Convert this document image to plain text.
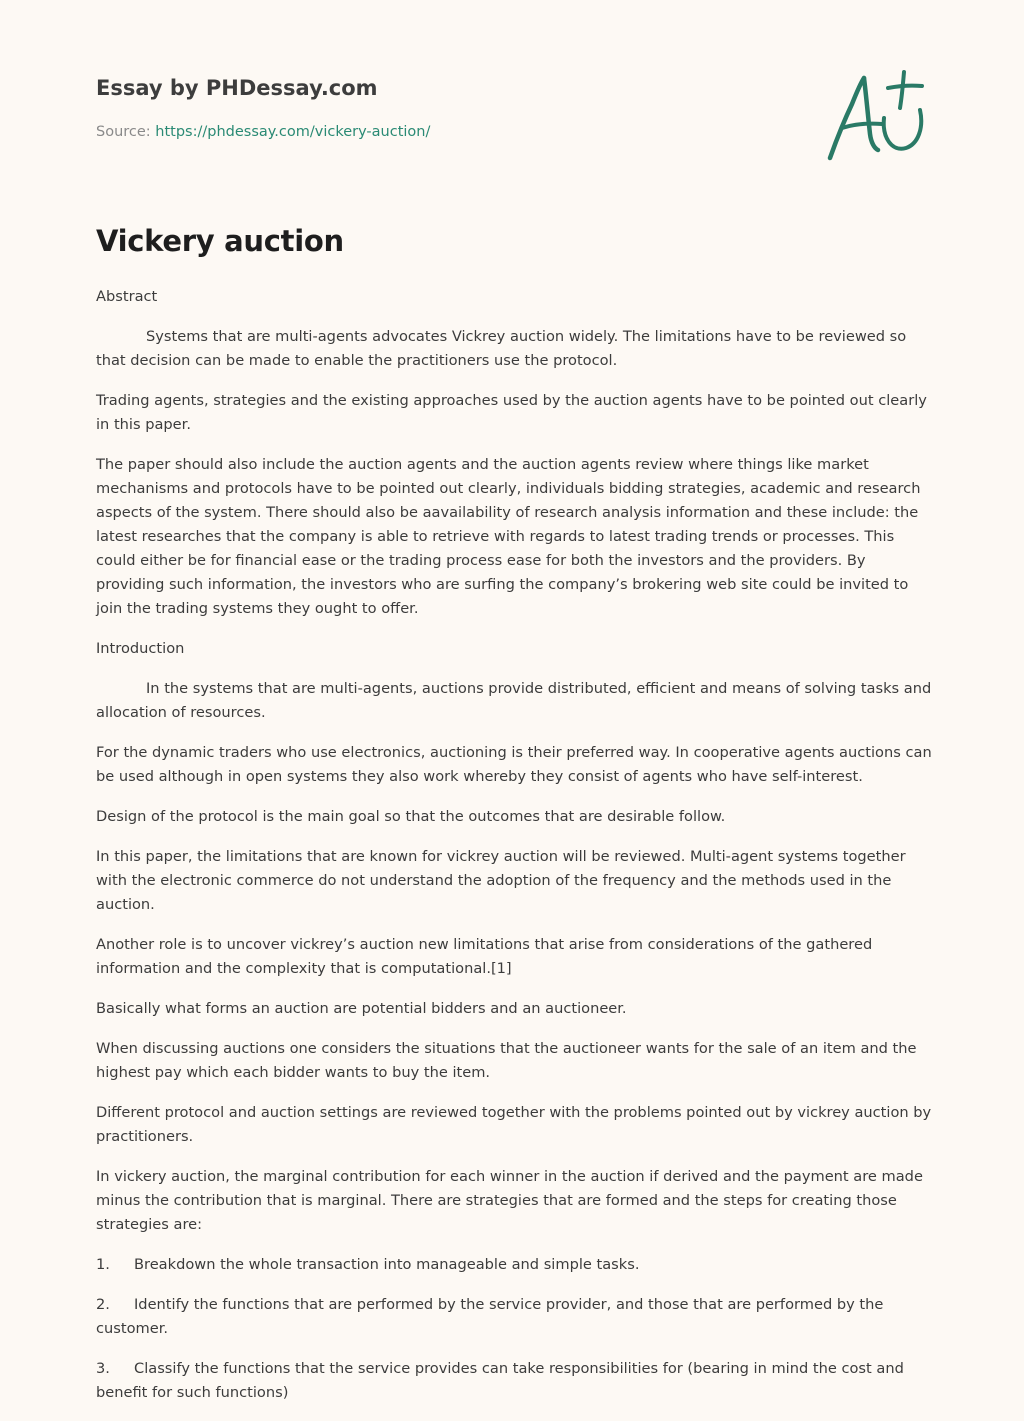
Essay by PHDessay.com

Source: https://phdessay.com/vickery-auction/

Vickery auction

Abstract

Systems that are multi-agents advocates Vickrey auction widely. The limitations have to be reviewed so that decision can be made to enable the practitioners use the protocol.

Trading agents, strategies and the existing approaches used by the auction agents have to be pointed out clearly in this paper.

The paper should also include the auction agents and the auction agents review where things like market mechanisms and protocols have to be pointed out clearly, individuals bidding strategies, academic and research aspects of the system. There should also be aavailability of research analysis information and these include: the latest researches that the company is able to retrieve with regards to latest trading trends or processes. This could either be for financial ease or the trading process ease for both the investors and the providers. By providing such information, the investors who are surfing the company’s brokering web site could be invited to join the trading systems they ought to offer.

Introduction

In the systems that are multi-agents, auctions provide distributed, efficient and means of solving tasks and allocation of resources.

For the dynamic traders who use electronics, auctioning is their preferred way. In cooperative agents auctions can be used although in open systems they also work whereby they consist of agents who have self-interest.

Design of the protocol is the main goal so that the outcomes that are desirable follow.

In this paper, the limitations that are known for vickrey auction will be reviewed. Multi-agent systems together with the electronic commerce do not understand the adoption of the frequency and the methods used in the auction.

Another role is to uncover vickrey’s auction new limitations that arise from considerations of the gathered information and the complexity that is computational.[1]

Basically what forms an auction are potential bidders and an auctioneer.

When discussing auctions one considers the situations that the auctioneer wants for the sale of an item and the highest pay which each bidder wants to buy the item.

Different protocol and auction settings are reviewed together with the problems pointed out by vickrey auction by practitioners.

In vickery auction, the marginal contribution for each winner in the auction if derived and the payment are made minus the contribution that is marginal. There are strategies that are formed and the steps for creating those strategies are:

1. Breakdown the whole transaction into manageable and simple tasks.

2. Identify the functions that are performed by the service provider, and those that are performed by the customer.

3. Classify the functions that the service provides can take responsibilities for (bearing in mind the cost and benefit for such functions)
